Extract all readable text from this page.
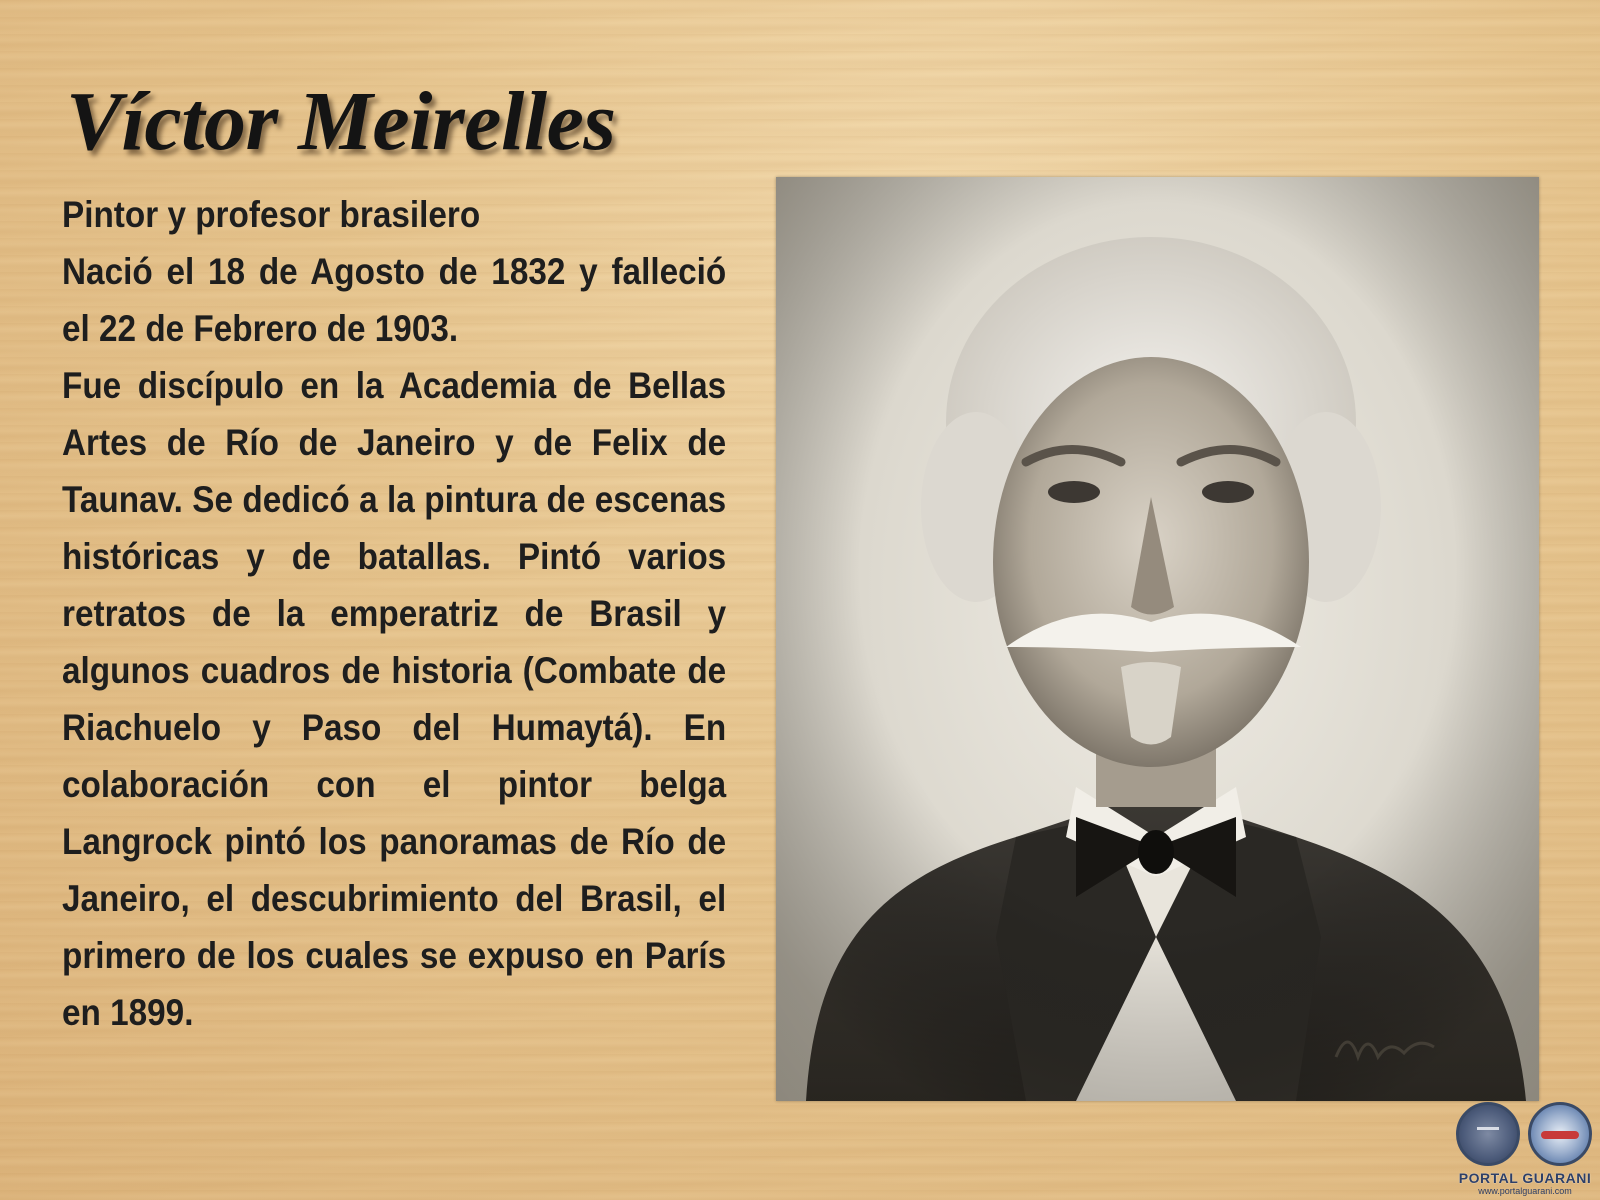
Víctor Meirelles

Pintor y profesor brasilero

Nació el 18 de Agosto de 1832 y falleció el 22 de Febrero de 1903.

Fue discípulo en la Academia de Bellas Artes de Río de Janeiro y de Felix de Taunav. Se dedicó a la pintura de escenas históricas y de batallas. Pintó varios retratos de la emperatriz de Brasil y algunos cuadros de historia (Combate de Riachuelo y Paso del Humaytá). En colaboración con el pintor belga Langrock pintó los panoramas de Río de Janeiro, el descubrimiento del Brasil, el primero de los cuales se expuso en París en 1899.

PORTAL GUARANI
www.portalguarani.com
